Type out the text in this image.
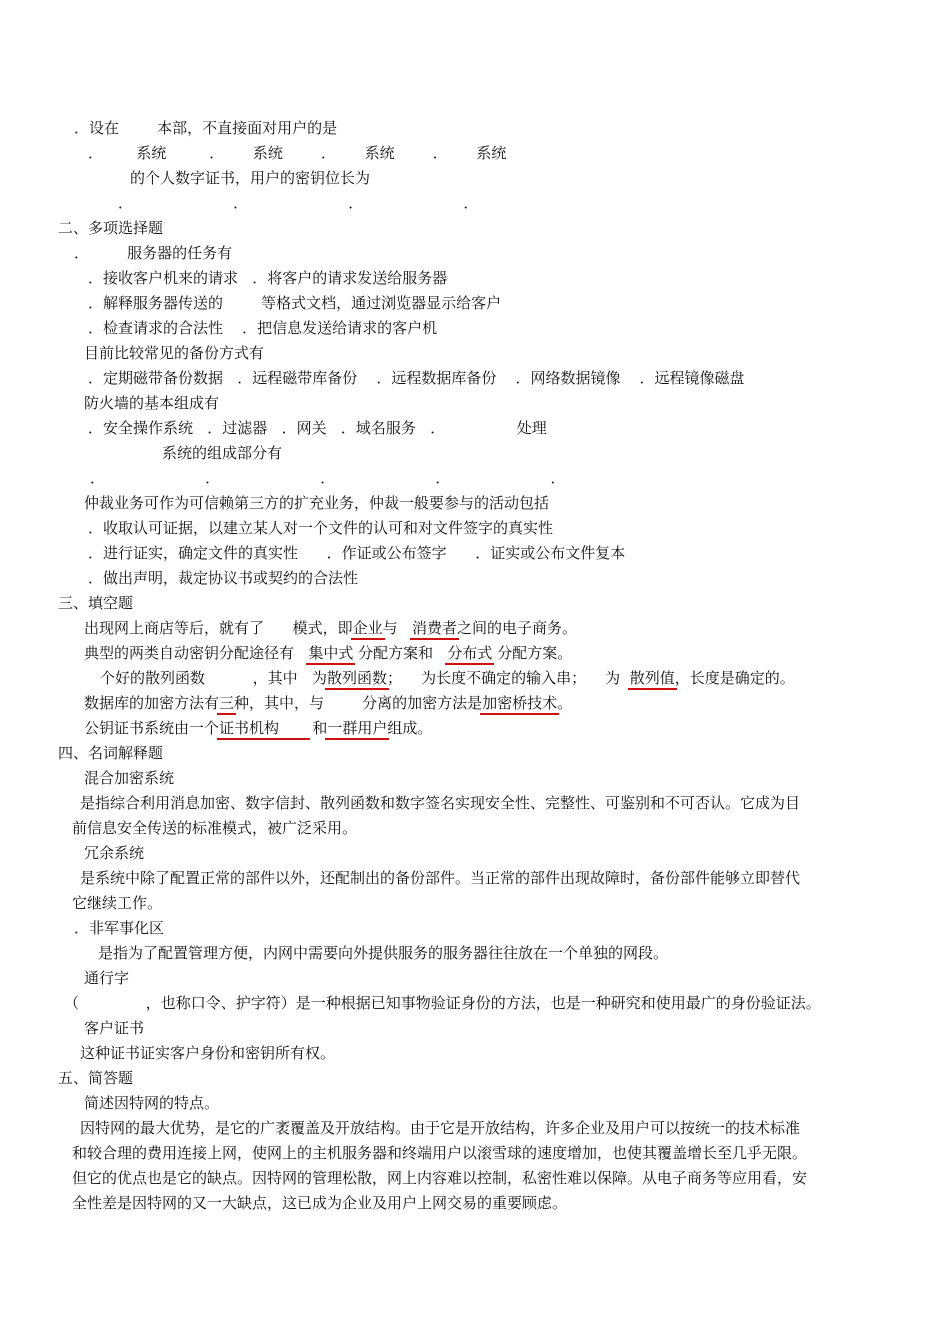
．设在        本部，不直接面对用户的是
．       系统         ．      系统        ．      系统        ．      系统
的个人数字证书，用户的密钥位长为
．                     ．                     ．                     ．
二、多项选择题
．        服务器的任务有
．接收客户机来的请求   ．将客户的请求发送给服务器
．解释服务器传送的        等格式文档，通过浏览器显示给客户
．检查请求的合法性    ．把信息发送给请求的客户机
目前比较常见的备份方式有
．定期磁带备份数据   ．远程磁带库备份    ．远程数据库备份    ．网络数据镜像    ．远程镜像磁盘
防火墙的基本组成有
．安全操作系统   ．过滤器   ．网关   ．域名服务   ．               处理
系统的组成部分有
．                     ．                     ．                     ．                     ．
仲裁业务可作为可信赖第三方的扩充业务，仲裁一般要参与的活动包括
．收取认可证据，以建立某人对一个文件的认可和对文件签字的真实性
．进行证实，确定文件的真实性      ．作证或公布签字      ．证实或公布文件复本
．做出声明，裁定协议书或契约的合法性
三、填空题
出现网上商店等后，就有了      模式，即企业与   消费者之间的电子商务。
典型的两类自动密钥分配途径有   集中式 分配方案和   分布式 分配方案。
个好的散列函数          ，其中   为散列函数；    为长度不确定的输入串；    为  散列值，长度是确定的。
数据库的加密方法有三种，其中，与        分离的加密方法是加密桥技术。
公钥证书系统由一个证书机构       和一群用户组成。
四、名词解释题
混合加密系统
是指综合利用消息加密、数字信封、散列函数和数字签名实现安全性、完整性、可鉴别和不可否认。它成为目
前信息安全传送的标准模式，被广泛采用。
冗余系统
是系统中除了配置正常的部件以外，还配制出的备份部件。当正常的部件出现故障时，备份部件能够立即替代
它继续工作。
．非军事化区
是指为了配置管理方便，内网中需要向外提供服务的服务器往往放在一个单独的网段。
通行字
（              ，也称口令、护字符）是一种根据已知事物验证身份的方法，也是一种研究和使用最广的身份验证法。
客户证书
这种证书证实客户身份和密钥所有权。
五、简答题
简述因特网的特点。
因特网的最大优势，是它的广袤覆盖及开放结构。由于它是开放结构，许多企业及用户可以按统一的技术标准
和较合理的费用连接上网，使网上的主机服务器和终端用户以滚雪球的速度增加，也使其覆盖增长至几乎无限。
但它的优点也是它的缺点。因特网的管理松散，网上内容难以控制，私密性难以保障。从电子商务等应用看，安
全性差是因特网的又一大缺点，这已成为企业及用户上网交易的重要顾虑。
